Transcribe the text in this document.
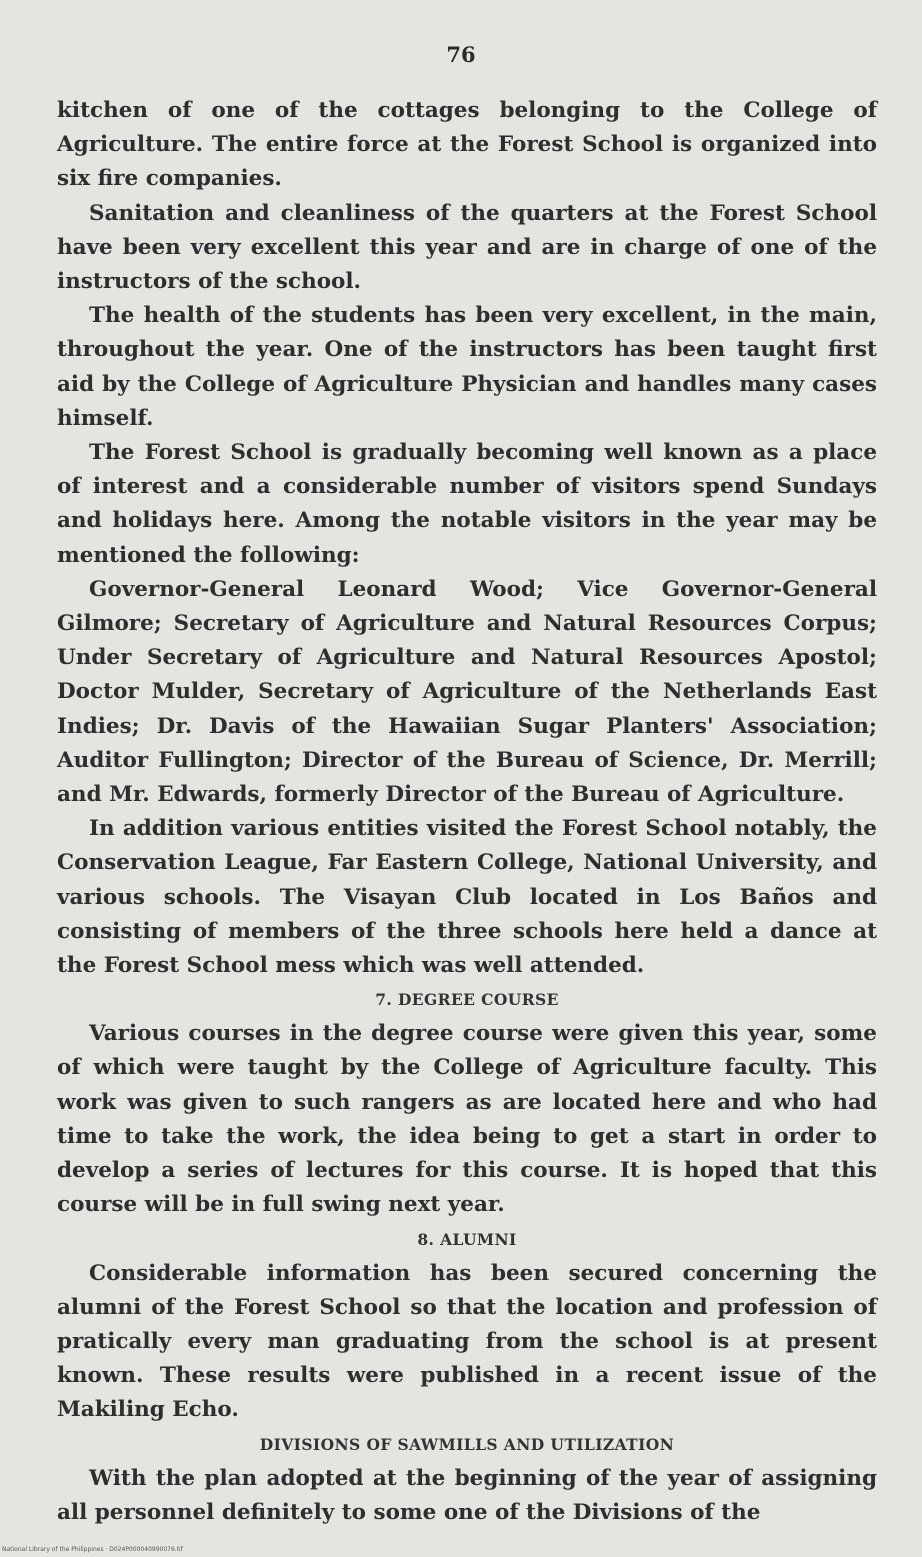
76

kitchen of one of the cottages belonging to the College of Agriculture. The entire force at the Forest School is organized into six fire companies.

Sanitation and cleanliness of the quarters at the Forest School have been very excellent this year and are in charge of one of the instructors of the school.

The health of the students has been very excellent, in the main, throughout the year. One of the instructors has been taught first aid by the College of Agriculture Physician and handles many cases himself.

The Forest School is gradually becoming well known as a place of interest and a considerable number of visitors spend Sundays and holidays here. Among the notable visitors in the year may be mentioned the following:

Governor-General Leonard Wood; Vice Governor-General Gilmore; Secretary of Agriculture and Natural Resources Corpus; Under Secretary of Agriculture and Natural Resources Apostol; Doctor Mulder, Secretary of Agriculture of the Netherlands East Indies; Dr. Davis of the Hawaiian Sugar Planters' Association; Auditor Fullington; Director of the Bureau of Science, Dr. Merrill; and Mr. Edwards, formerly Director of the Bureau of Agriculture.

In addition various entities visited the Forest School notably, the Conservation League, Far Eastern College, National University, and various schools. The Visayan Club located in Los Baños and consisting of members of the three schools here held a dance at the Forest School mess which was well attended.

7. DEGREE COURSE

Various courses in the degree course were given this year, some of which were taught by the College of Agriculture faculty. This work was given to such rangers as are located here and who had time to take the work, the idea being to get a start in order to develop a series of lectures for this course. It is hoped that this course will be in full swing next year.

8. ALUMNI

Considerable information has been secured concerning the alumni of the Forest School so that the location and profession of pratically every man graduating from the school is at present known. These results were published in a recent issue of the Makiling Echo.

DIVISIONS OF SAWMILLS AND UTILIZATION

With the plan adopted at the beginning of the year of assigning all personnel definitely to some one of the Divisions of the

National Library of the Philippines · D024P000040990076.tif
